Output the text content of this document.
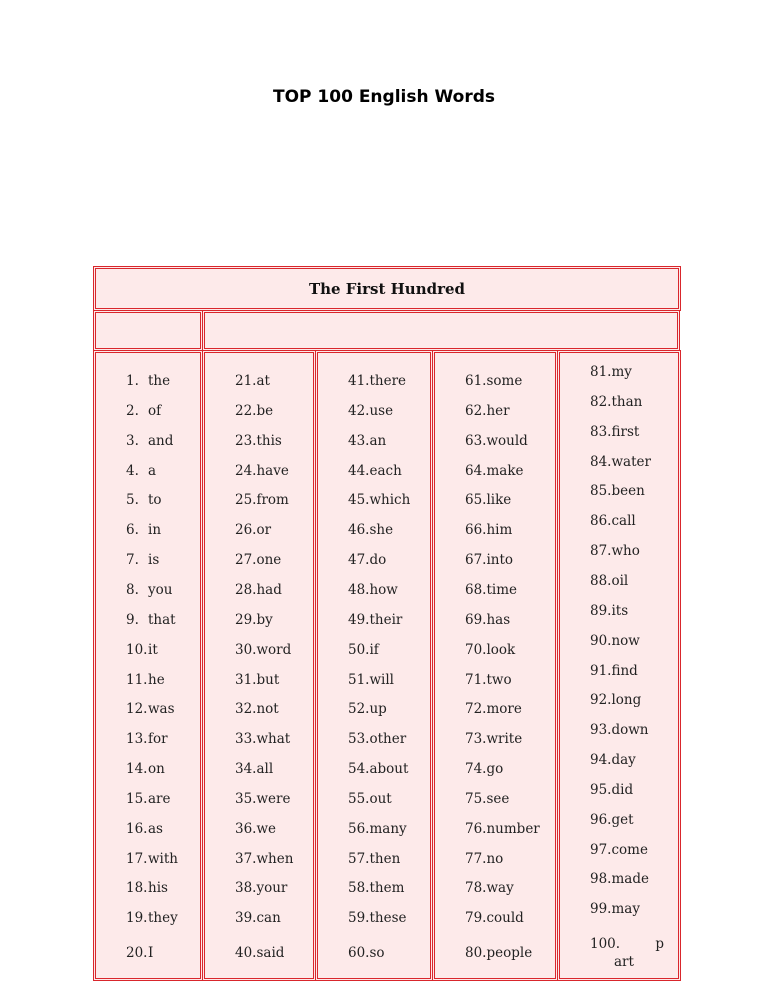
TOP 100 English Words
The First Hundred
1.the
2.of
3.and
4.a
5.to
6.in
7.is
8.you
9.that
10.it
11.he
12.was
13.for
14.on
15.are
16.as
17.with
18.his
19.they
20.I
21.at
22.be
23.this
24.have
25.from
26.or
27.one
28.had
29.by
30.word
31.but
32.not
33.what
34.all
35.were
36.we
37.when
38.your
39.can
40.said
41.there
42.use
43.an
44.each
45.which
46.she
47.do
48.how
49.their
50.if
51.will
52.up
53.other
54.about
55.out
56.many
57.then
58.them
59.these
60.so
61.some
62.her
63.would
64.make
65.like
66.him
67.into
68.time
69.has
70.look
71.two
72.more
73.write
74.go
75.see
76.number
77.no
78.way
79.could
80.people
81.my
82.than
83.first
84.water
85.been
86.call
87.who
88.oil
89.its
90.now
91.find
92.long
93.down
94.day
95.did
96.get
97.come
98.made
99.may
100.	p
art
